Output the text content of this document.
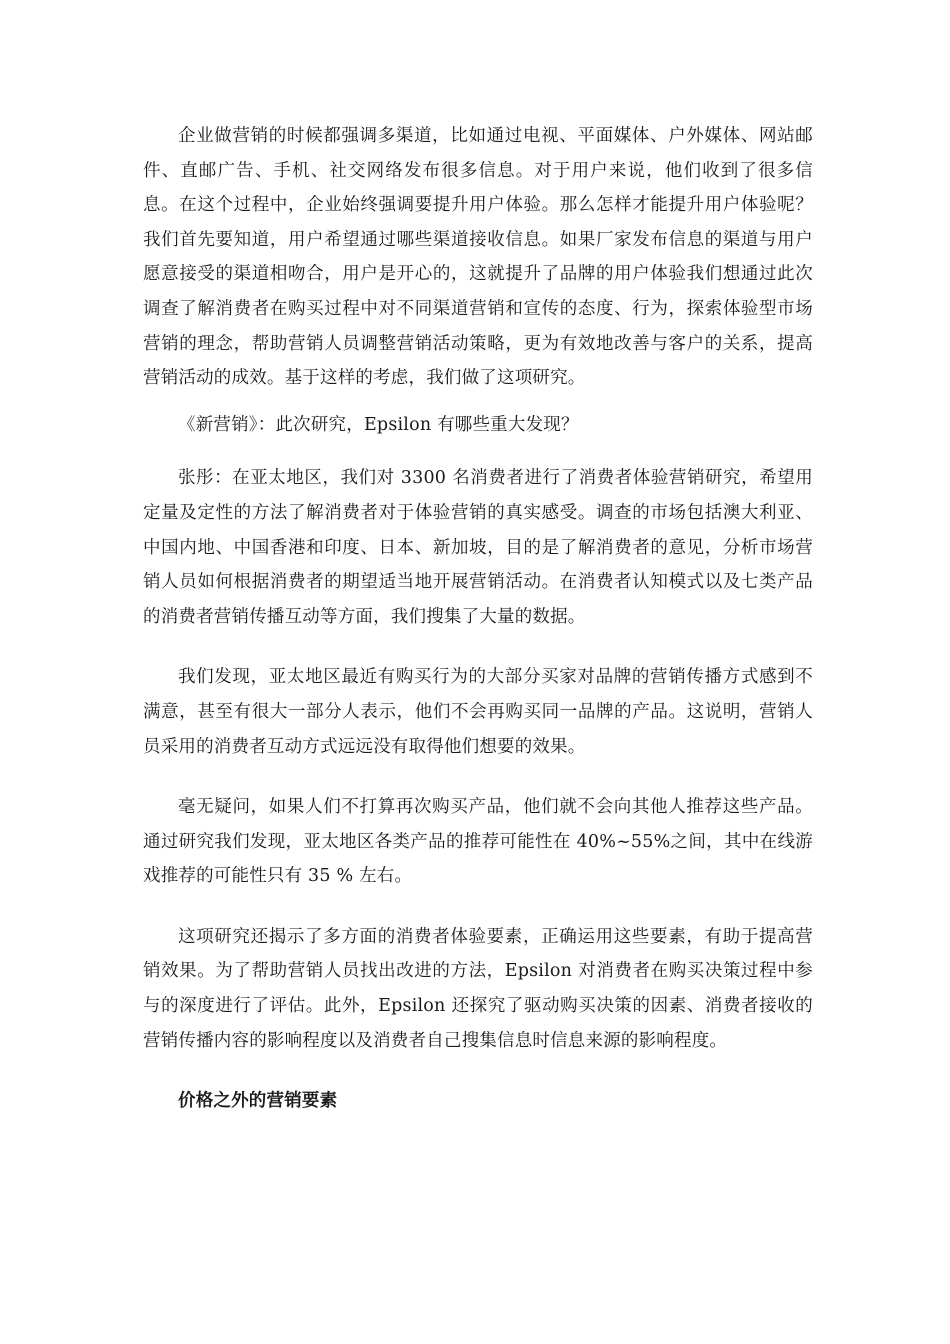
企业做营销的时候都强调多渠道，比如通过电视、平面媒体、户外媒体、网站邮件、直邮广告、手机、社交网络发布很多信息。对于用户来说，他们收到了很多信息。在这个过程中，企业始终强调要提升用户体验。那么怎样才能提升用户体验呢？我们首先要知道，用户希望通过哪些渠道接收信息。如果厂家发布信息的渠道与用户愿意接受的渠道相吻合，用户是开心的，这就提升了品牌的用户体验我们想通过此次调查了解消费者在购买过程中对不同渠道营销和宣传的态度、行为，探索体验型市场营销的理念，帮助营销人员调整营销活动策略，更为有效地改善与客户的关系，提高营销活动的成效。基于这样的考虑，我们做了这项研究。

《新营销》：此次研究，Epsilon 有哪些重大发现？

张彤：在亚太地区，我们对 3300 名消费者进行了消费者体验营销研究，希望用定量及定性的方法了解消费者对于体验营销的真实感受。调查的市场包括澳大利亚、中国内地、中国香港和印度、日本、新加坡，目的是了解消费者的意见，分析市场营销人员如何根据消费者的期望适当地开展营销活动。在消费者认知模式以及七类产品的消费者营销传播互动等方面，我们搜集了大量的数据。

我们发现，亚太地区最近有购买行为的大部分买家对品牌的营销传播方式感到不满意，甚至有很大一部分人表示，他们不会再购买同一品牌的产品。这说明，营销人员采用的消费者互动方式远远没有取得他们想要的效果。

毫无疑问，如果人们不打算再次购买产品，他们就不会向其他人推荐这些产品。通过研究我们发现，亚太地区各类产品的推荐可能性在 40%~55%之间，其中在线游戏推荐的可能性只有 35 % 左右。

这项研究还揭示了多方面的消费者体验要素，正确运用这些要素，有助于提高营销效果。为了帮助营销人员找出改进的方法，Epsilon 对消费者在购买决策过程中参与的深度进行了评估。此外，Epsilon 还探究了驱动购买决策的因素、消费者接收的营销传播内容的影响程度以及消费者自己搜集信息时信息来源的影响程度。

价格之外的营销要素
